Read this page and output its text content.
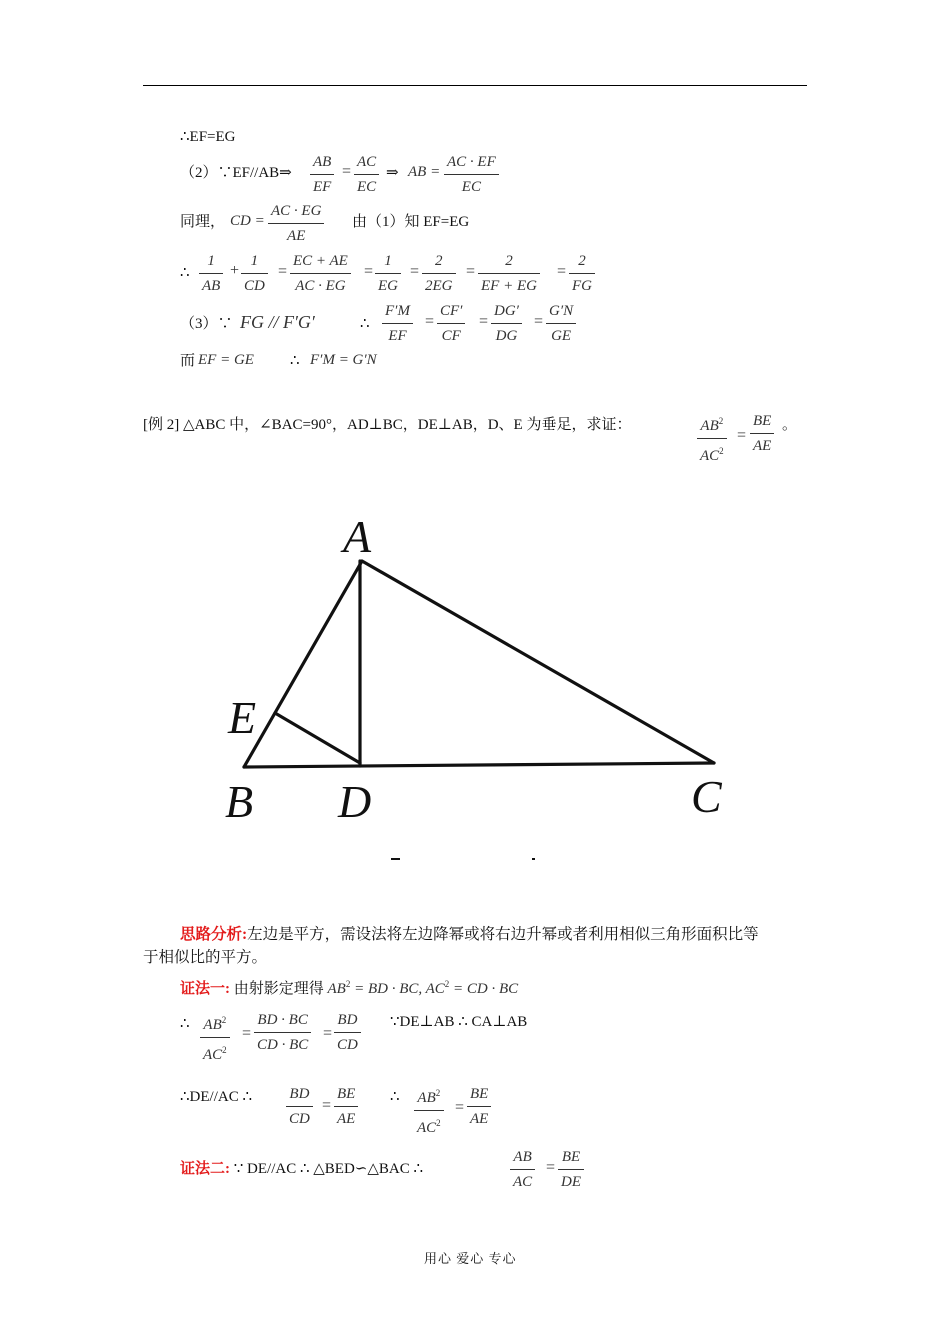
∴EF=EG
（2）∵EF//AB⇒
AB
EF
=
AC
EC
⇒ AB =
AC · EF
EC
同理， CD =
AC · EG
AE
由（1）知 EF=EG
∴
1
AB
+
1
CD
=
EC + AE
AC · EG
=
1
EG
=
2
2EG
=
2
EF + EG
=
2
FG
（3）∵ FG // F′G′	∴
F′M
EF
=
CF′
CF
=
DG′
DG
=
G′N
GE
而 EF = GE ∴ F′M = G′N
[例 2] △ABC 中，∠BAC=90°，AD⊥BC，DE⊥AB，D、E 为垂足，求证：	$AB^2$
$AC^2$
=
BE
AE
。
A
E
B D	C
思路分析:左边是平方，需设法将左边降幂或将右边升幂或者利用相似三角形面积比等
于相似比的平方。
证法一: 由射影定理得 $AB^2$ = BD · BC, $AC^2$ = CD · BC
∴ $AB^2$
$AC^2$
=
BD · BC
CD · BC
=
BD
CD
∵DE⊥AB ∴ CA⊥AB
∴DE//AC ∴ BD
CD
=
BE
AE
∴ $AB^2$
$AC^2$
=
BE
AE
证法二: ∵ DE//AC ∴ △BED∽△BAC ∴
AB
AC
=
BE
DE
用心 爱心 专心
